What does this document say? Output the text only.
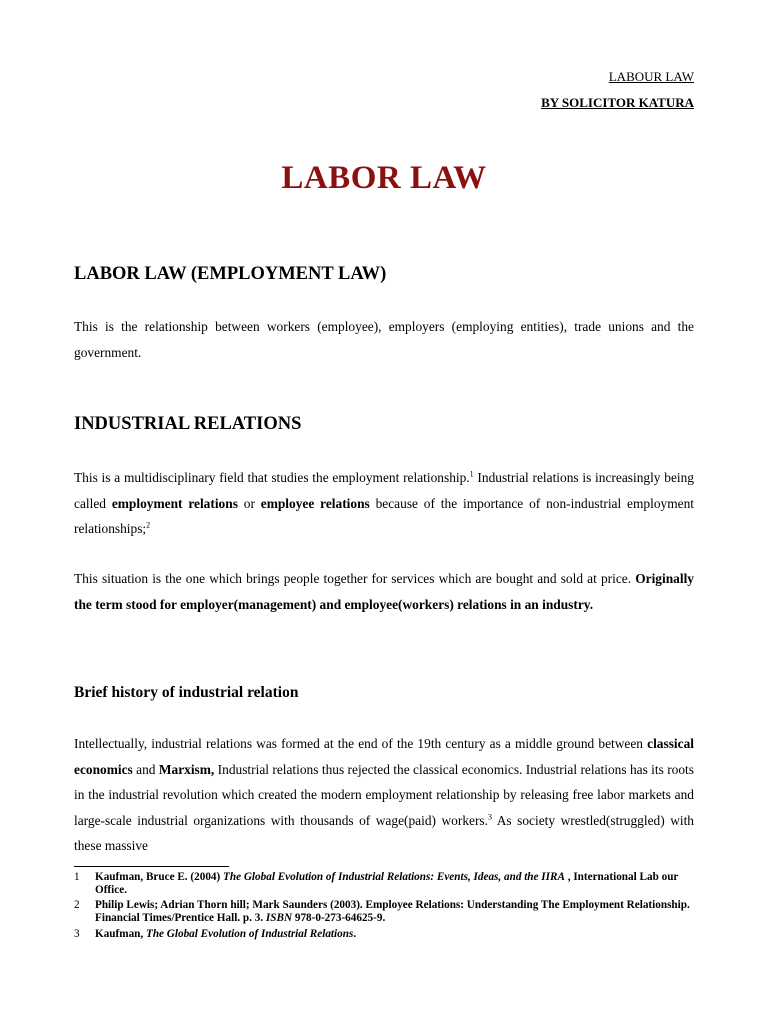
LABOUR LAW
BY SOLICITOR KATURA
LABOR LAW
LABOR LAW (EMPLOYMENT LAW)
This is the relationship between workers (employee), employers (employing entities), trade unions and the government.
INDUSTRIAL RELATIONS
This is a multidisciplinary field that studies the employment relationship.$^1$ Industrial relations is increasingly being called employment relations or employee relations because of the importance of non-industrial employment relationships;$^2$
This situation is the one which brings people together for services which are bought and sold at price. Originally the term stood for employer(management) and employee(workers) relations in an industry.
Brief history of industrial relation
Intellectually, industrial relations was formed at the end of the 19th century as a middle ground between classical economics and Marxism, Industrial relations thus rejected the classical economics. Industrial relations has its roots in the industrial revolution which created the modern employment relationship by releasing free labor markets and large-scale industrial organizations with thousands of wage(paid) workers.$^3$ As society wrestled(struggled) with these massive
1 Kaufman, Bruce E. (2004) The Global Evolution of Industrial Relations: Events, Ideas, and the IIRA , International Lab our Office.
2 Philip Lewis; Adrian Thorn hill; Mark Saunders (2003). Employee Relations: Understanding The Employment Relationship. Financial Times/Prentice Hall. p. 3. ISBN 978-0-273-64625-9.
3 Kaufman, The Global Evolution of Industrial Relations.
